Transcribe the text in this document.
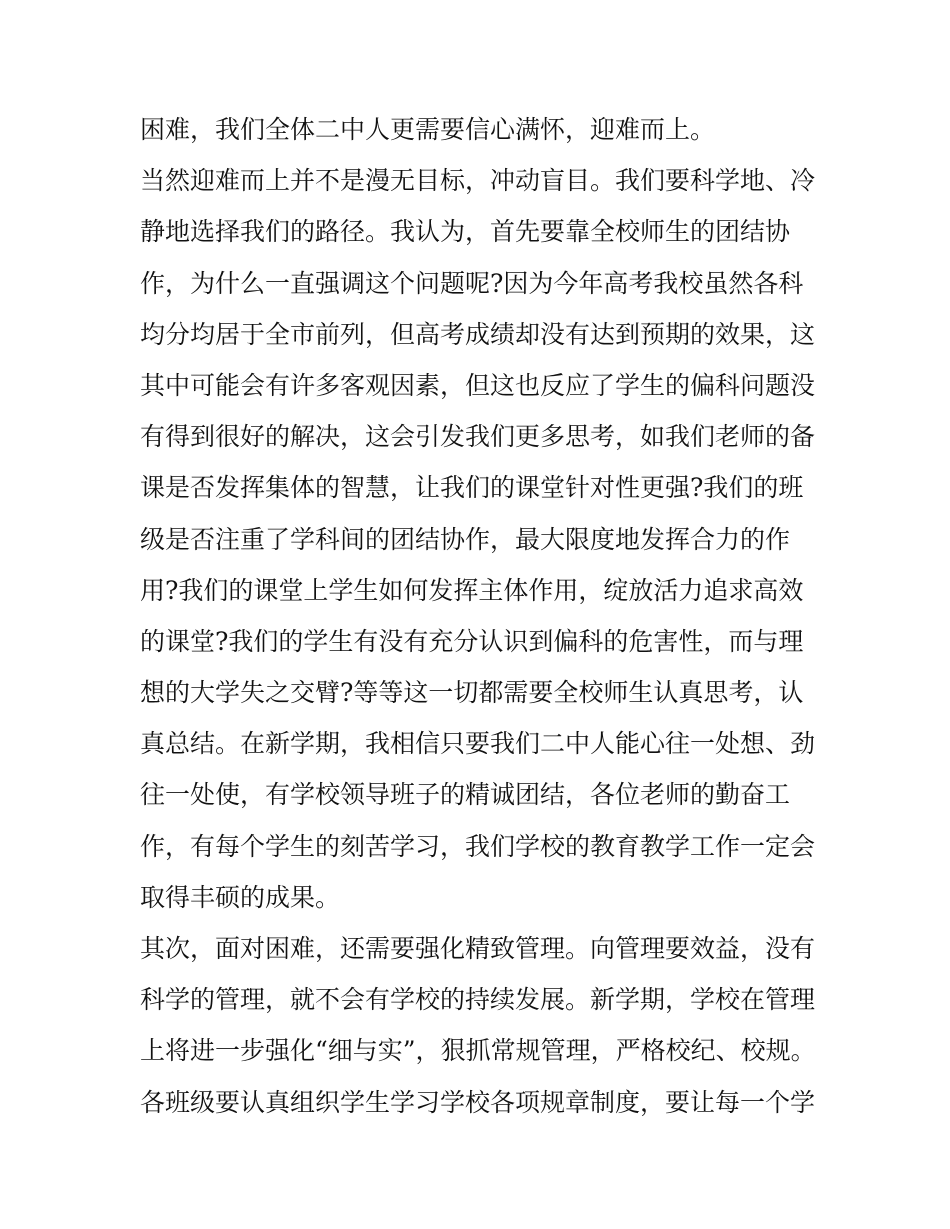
困难，我们全体二中人更需要信心满怀，迎难而上。
当然迎难而上并不是漫无目标，冲动盲目。我们要科学地、冷
静地选择我们的路径。我认为，首先要靠全校师生的团结协
作，为什么一直强调这个问题呢?因为今年高考我校虽然各科
均分均居于全市前列，但高考成绩却没有达到预期的效果，这
其中可能会有许多客观因素，但这也反应了学生的偏科问题没
有得到很好的解决，这会引发我们更多思考，如我们老师的备
课是否发挥集体的智慧，让我们的课堂针对性更强?我们的班
级是否注重了学科间的团结协作，最大限度地发挥合力的作
用?我们的课堂上学生如何发挥主体作用，绽放活力追求高效
的课堂?我们的学生有没有充分认识到偏科的危害性，而与理
想的大学失之交臂?等等这一切都需要全校师生认真思考，认
真总结。在新学期，我相信只要我们二中人能心往一处想、劲
往一处使，有学校领导班子的精诚团结，各位老师的勤奋工
作，有每个学生的刻苦学习，我们学校的教育教学工作一定会
取得丰硕的成果。
其次，面对困难，还需要强化精致管理。向管理要效益，没有
科学的管理，就不会有学校的持续发展。新学期，学校在管理
上将进一步强化“细与实”，狠抓常规管理，严格校纪、校规。
各班级要认真组织学生学习学校各项规章制度，要让每一个学
